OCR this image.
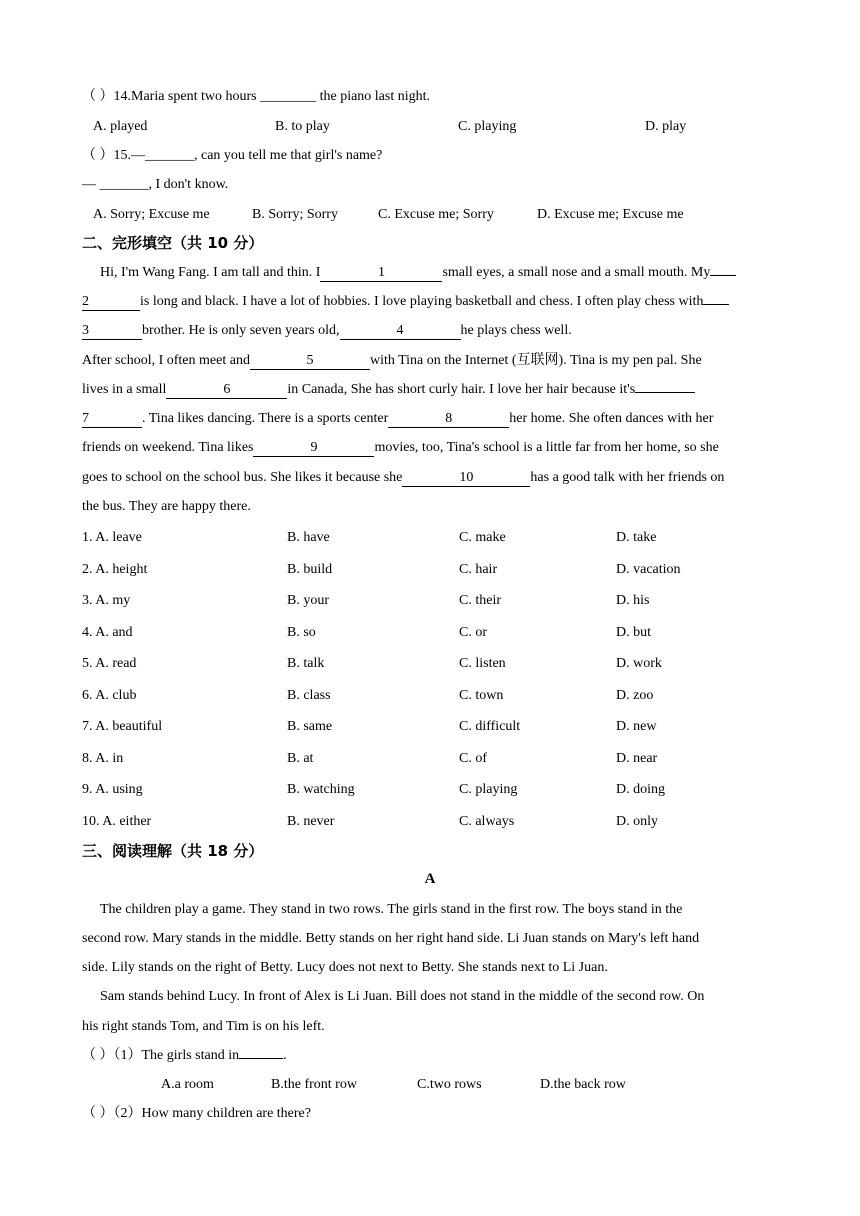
（ ）14.Maria spent two hours ________ the piano last night.
A. played	B. to play	C. playing	D. play
（ ）15.—_______, can you tell me that girl's name?
— _______, I don't know.
A. Sorry; Excuse me	B. Sorry; Sorry	C. Excuse me; Sorry	D. Excuse me; Excuse me
二、完形填空（共 10 分）
Hi, I'm Wang Fang. I am tall and thin. I	1	small eyes, a small nose and a small mouth. My
2	is long and black. I have a lot of hobbies. I love playing basketball and chess. I often play chess with
3	brother. He is only seven years old,	4	he plays chess well.
After school, I often meet and	5	with Tina on the Internet (互联网). Tina is my pen pal. She
lives in a small	6	in Canada, She has short curly hair. I love her hair because it's
7	. Tina likes dancing. There is a sports center	8	her home. She often dances with her
friends on weekend. Tina likes	9	movies, too, Tina's school is a little far from her home, so she
goes to school on the school bus. She likes it because she	10	has a good talk with her friends on
the bus. They are happy there.
1. A. leave	B. have	C. make	D. take
2. A. height	B. build	C. hair	D. vacation
3. A. my	B. your	C. their	D. his
4. A. and	B. so	C. or	D. but
5. A. read	B. talk	C. listen	D. work
6. A. club	B. class	C. town	D. zoo
7. A. beautiful	B. same	C. difficult	D. new
8. A. in	B. at	C. of	D. near
9. A. using	B. watching	C. playing	D. doing
10. A. either	B. never	C. always	D. only
三、阅读理解（共 18 分）
A
The children play a game. They stand in two rows. The girls stand in the first row. The boys stand in the
second row. Mary stands in the middle. Betty stands on her right hand side. Li Juan stands on Mary's left hand
side. Lily stands on the right of Betty. Lucy does not next to Betty. She stands next to Li Juan.
Sam stands behind Lucy. In front of Alex is Li Juan. Bill does not stand in the middle of the second row. On
his right stands Tom, and Tim is on his left.
（ ）（1）The girls stand in	.
A.a room	B.the front row	C.two rows	D.the back row
（ ）（2）How many children are there?
